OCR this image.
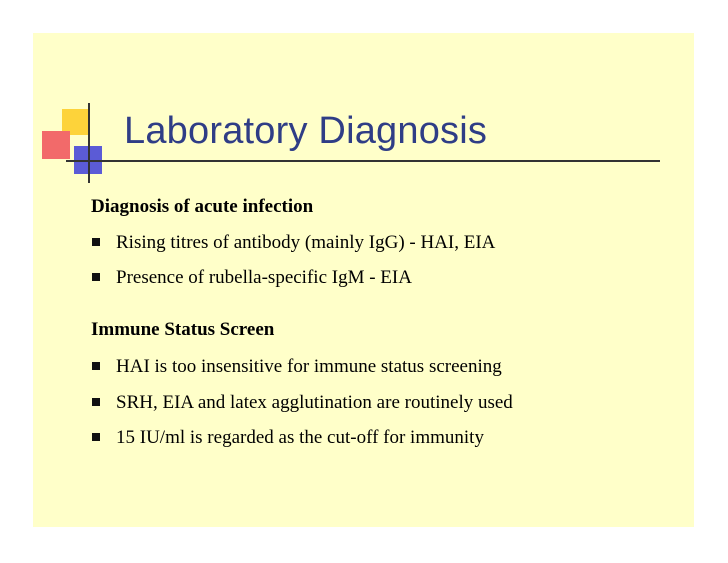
Laboratory Diagnosis
Diagnosis of acute infection
Rising titres of antibody (mainly IgG) - HAI, EIA
Presence of rubella-specific IgM - EIA
Immune Status Screen
HAI is too insensitive for immune status screening
SRH, EIA and latex agglutination are routinely used
15 IU/ml is regarded as the cut-off for immunity
